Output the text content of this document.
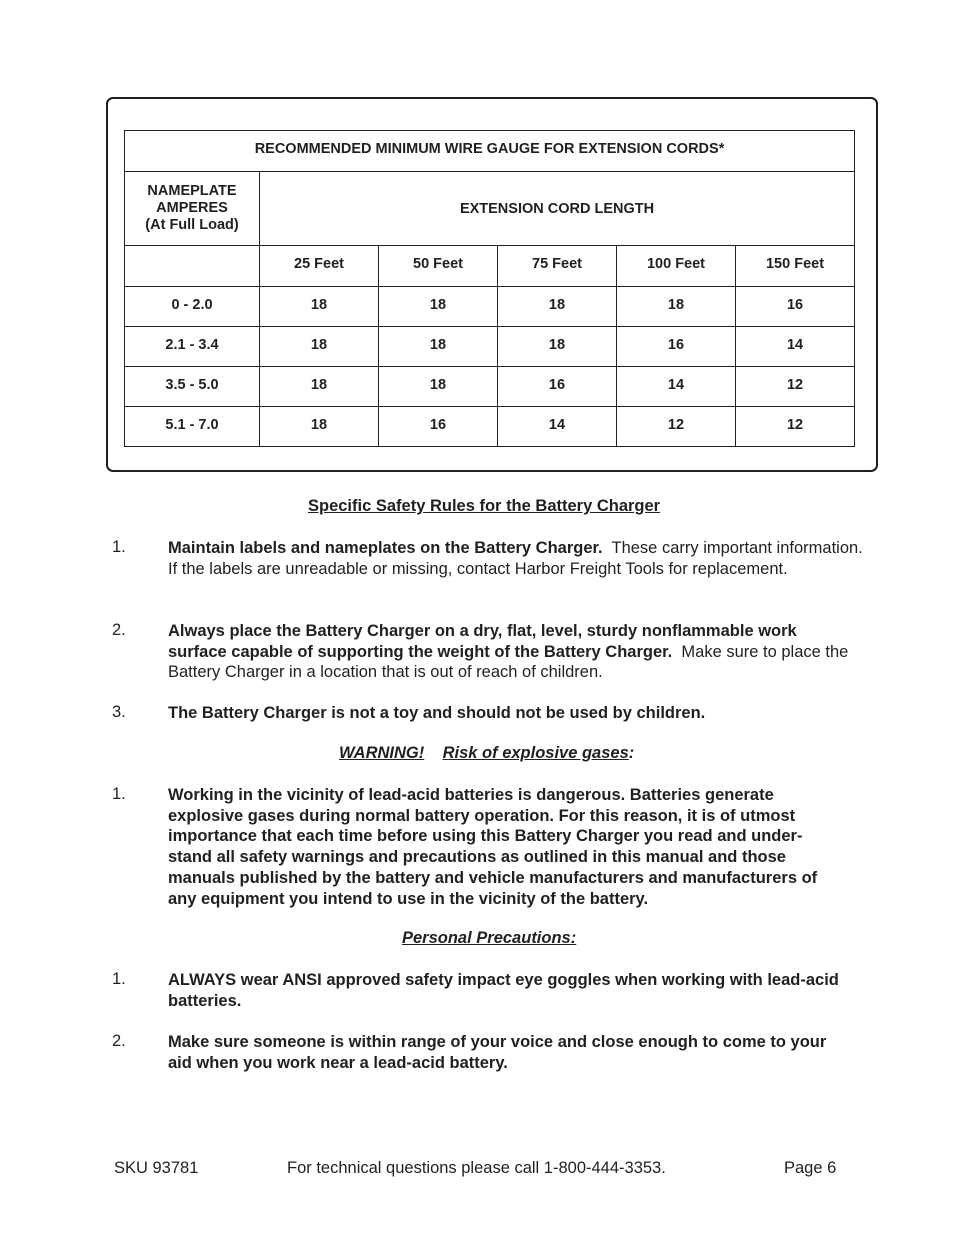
RECOMMENDED MINIMUM WIRE GAUGE FOR EXTENSION CORDS*					

NAMEPLATE
AMPERES
(At Full Load)	EXTENSION CORD LENGTH				
	25 Feet	50 Feet	75 Feet	100 Feet	150 Feet
0 - 2.0	18	18	18	18	16
2.1 - 3.4	18	18	18	16	14
3.5 - 5.0	18	18	16	14	12
5.1 - 7.0	18	16	14	12	12
Specific Safety Rules for the Battery Charger
1.	Maintain labels and nameplates on the Battery Charger. These carry important information. If the labels are unreadable or missing, contact Harbor Freight Tools for replacement.
2.	Always place the Battery Charger on a dry, flat, level, sturdy nonflammable work surface capable of supporting the weight of the Battery Charger. Make sure to place the Battery Charger in a location that is out of reach of children.
3.	The Battery Charger is not a toy and should not be used by children.
WARNING! Risk of explosive gases:
1.	Working in the vicinity of lead-acid batteries is dangerous. Batteries generate explosive gases during normal battery operation. For this reason, it is of utmost importance that each time before using this Battery Charger you read and under-stand all safety warnings and precautions as outlined in this manual and those manuals published by the battery and vehicle manufacturers and manufacturers of any equipment you intend to use in the vicinity of the battery.
Personal Precautions:
1.	ALWAYS wear ANSI approved safety impact eye goggles when working with lead-acid batteries.
2.	Make sure someone is within range of your voice and close enough to come to your aid when you work near a lead-acid battery.
SKU 93781	For technical questions please call 1-800-444-3353.	Page 6
